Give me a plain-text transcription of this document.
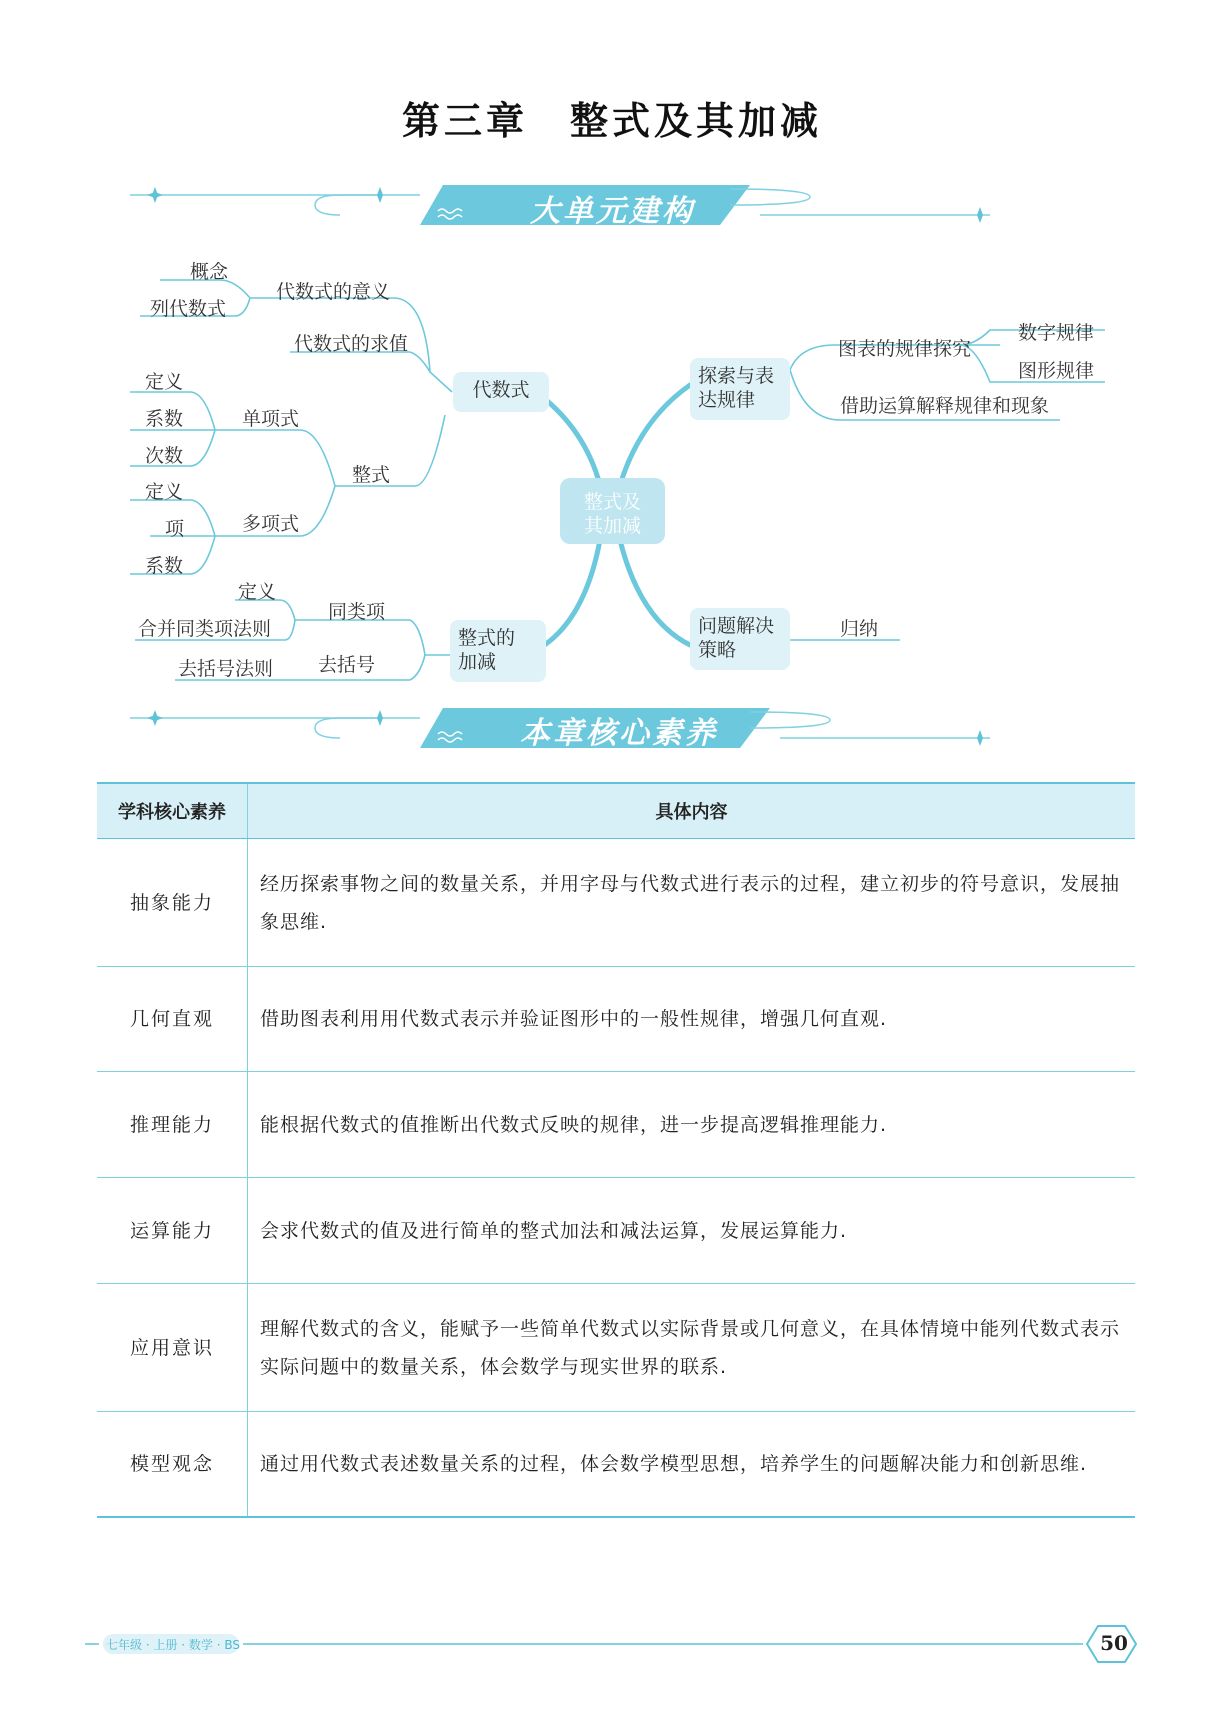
第三章　整式及其加减
大单元建构
整式及
其加减
代数式
概念
列代数式
代数式的意义
代数式的求值
定义
系数
次数
单项式
整式
定义
项
系数
多项式
定义
合并同类项法则
同类项
去括号法则 去括号
整式的
加减
探索与表
达规律
图表的规律探究
数字规律
图形规律
借助运算解释规律和现象
问题解决
策略
归纳
本章核心素养
学科核心素养	具体内容
抽象能力	经历探索事物之间的数量关系，并用字母与代数式进行表示的过程，建立初步的符号意识，发展抽象思维.
几何直观	借助图表利用用代数式表示并验证图形中的一般性规律，增强几何直观.
推理能力	能根据代数式的值推断出代数式反映的规律，进一步提高逻辑推理能力.
运算能力	会求代数式的值及进行简单的整式加法和减法运算，发展运算能力.
应用意识	理解代数式的含义，能赋予一些简单代数式以实际背景或几何意义，在具体情境中能列代数式表示实际问题中的数量关系，体会数学与现实世界的联系.
模型观念	通过用代数式表述数量关系的过程，体会数学模型思想，培养学生的问题解决能力和创新思维.
七年级 · 上册 · 数学 · BS	50
